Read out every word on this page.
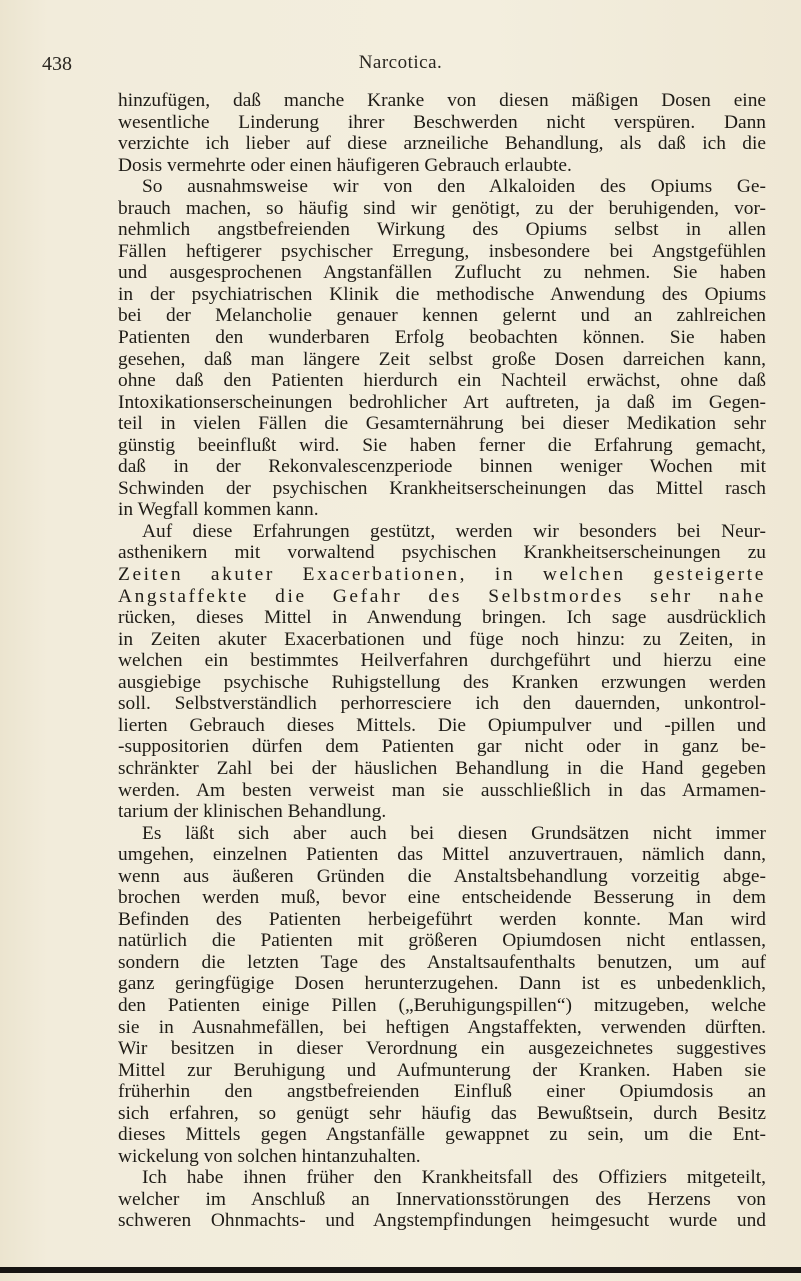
438	Narcotica.
hinzufügen, daß manche Kranke von diesen mäßigen Dosen eine
wesentliche Linderung ihrer Beschwerden nicht verspüren. Dann
verzichte ich lieber auf diese arzneiliche Behandlung, als daß ich die
Dosis vermehrte oder einen häufigeren Gebrauch erlaubte.
So ausnahmsweise wir von den Alkaloiden des Opiums Ge-
brauch machen, so häufig sind wir genötigt, zu der beruhigenden, vor-
nehmlich angstbefreienden Wirkung des Opiums selbst in allen
Fällen heftigerer psychischer Erregung, insbesondere bei Angstgefühlen
und ausgesprochenen Angstanfällen Zuflucht zu nehmen. Sie haben
in der psychiatrischen Klinik die methodische Anwendung des Opiums
bei der Melancholie genauer kennen gelernt und an zahlreichen
Patienten den wunderbaren Erfolg beobachten können. Sie haben
gesehen, daß man längere Zeit selbst große Dosen darreichen kann,
ohne daß den Patienten hierdurch ein Nachteil erwächst, ohne daß
Intoxikationserscheinungen bedrohlicher Art auftreten, ja daß im Gegen-
teil in vielen Fällen die Gesamternährung bei dieser Medikation sehr
günstig beeinflußt wird. Sie haben ferner die Erfahrung gemacht,
daß in der Rekonvalescenzperiode binnen weniger Wochen mit
Schwinden der psychischen Krankheitserscheinungen das Mittel rasch
in Wegfall kommen kann.
Auf diese Erfahrungen gestützt, werden wir besonders bei Neur-
asthenikern mit vorwaltend psychischen Krankheitserscheinungen zu
Zeiten akuter Exacerbationen, in welchen gesteigerte
Angstaffekte die Gefahr des Selbstmordes sehr nahe
rücken, dieses Mittel in Anwendung bringen. Ich sage ausdrücklich
in Zeiten akuter Exacerbationen und füge noch hinzu: zu Zeiten, in
welchen ein bestimmtes Heilverfahren durchgeführt und hierzu eine
ausgiebige psychische Ruhigstellung des Kranken erzwungen werden
soll. Selbstverständlich perhorresciere ich den dauernden, unkontrol-
lierten Gebrauch dieses Mittels. Die Opiumpulver und -pillen und
-suppositorien dürfen dem Patienten gar nicht oder in ganz be-
schränkter Zahl bei der häuslichen Behandlung in die Hand gegeben
werden. Am besten verweist man sie ausschließlich in das Armamen-
tarium der klinischen Behandlung.
Es läßt sich aber auch bei diesen Grundsätzen nicht immer
umgehen, einzelnen Patienten das Mittel anzuvertrauen, nämlich dann,
wenn aus äußeren Gründen die Anstaltsbehandlung vorzeitig abge-
brochen werden muß, bevor eine entscheidende Besserung in dem
Befinden des Patienten herbeigeführt werden konnte. Man wird
natürlich die Patienten mit größeren Opiumdosen nicht entlassen,
sondern die letzten Tage des Anstaltsaufenthalts benutzen, um auf
ganz geringfügige Dosen herunterzugehen. Dann ist es unbedenklich,
den Patienten einige Pillen („Beruhigungspillen“) mitzugeben, welche
sie in Ausnahmefällen, bei heftigen Angstaffekten, verwenden dürften.
Wir besitzen in dieser Verordnung ein ausgezeichnetes suggestives
Mittel zur Beruhigung und Aufmunterung der Kranken. Haben sie
früherhin den angstbefreienden Einfluß einer Opiumdosis an
sich erfahren, so genügt sehr häufig das Bewußtsein, durch Besitz
dieses Mittels gegen Angstanfälle gewappnet zu sein, um die Ent-
wickelung von solchen hintanzuhalten.
Ich habe ihnen früher den Krankheitsfall des Offiziers mitgeteilt,
welcher im Anschluß an Innervationsstörungen des Herzens von
schweren Ohnmachts- und Angstempfindungen heimgesucht wurde und
